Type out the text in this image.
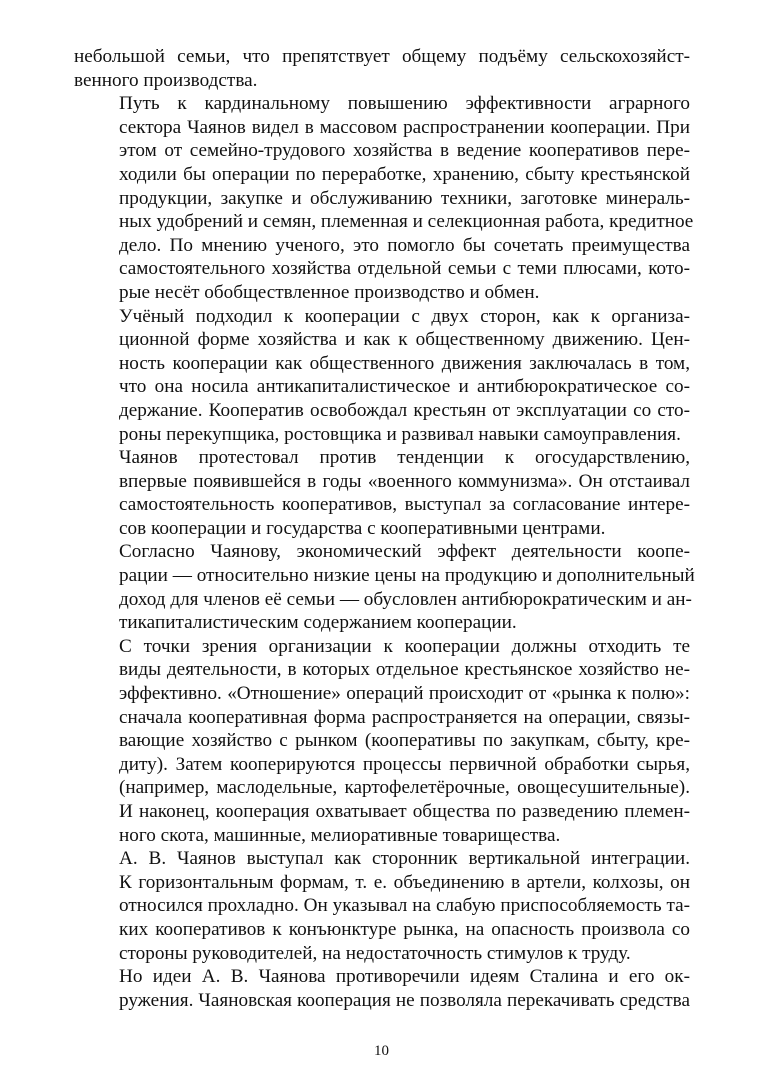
небольшой семьи, что препятствует общему подъёму сельскохозяйст-
венного производства.

Путь к кардинальному повышению эффективности аграрного
сектора Чаянов видел в массовом распространении кооперации. При
этом от семейно-трудового хозяйства в ведение кооперативов пере-
ходили бы операции по переработке, хранению, сбыту крестьянской
продукции, закупке и обслуживанию техники, заготовке минераль-
ных удобрений и семян, племенная и селекционная работа, кредитное
дело. По мнению ученого, это помогло бы сочетать преимущества
самостоятельного хозяйства отдельной семьи с теми плюсами, кото-
рые несёт обобществленное производство и обмен.

Учёный подходил к кооперации с двух сторон, как к организа-
ционной форме хозяйства и как к общественному движению. Цен-
ность кооперации как общественного движения заключалась в том,
что она носила антикапиталистическое и антибюрократическое со-
держание. Кооператив освобождал крестьян от эксплуатации со сто-
роны перекупщика, ростовщика и развивал навыки самоуправления.

Чаянов протестовал против тенденции к огосударствлению,
впервые появившейся в годы «военного коммунизма». Он отстаивал
самостоятельность кооперативов, выступал за согласование интере-
сов кооперации и государства с кооперативными центрами.

Согласно Чаянову, экономический эффект деятельности коопе-
рации — относительно низкие цены на продукцию и дополнительный
доход для членов её семьи — обусловлен антибюрократическим и ан-
тикапиталистическим содержанием кооперации.

С точки зрения организации к кооперации должны отходить те
виды деятельности, в которых отдельное крестьянское хозяйство не-
эффективно. «Отношение» операций происходит от «рынка к полю»:
сначала кооперативная форма распространяется на операции, связы-
вающие хозяйство с рынком (кооперативы по закупкам, сбыту, кре-
диту). Затем кооперируются процессы первичной обработки сырья,
(например, маслодельные, картофелетёрочные, овощесушительные).
И наконец, кооперация охватывает общества по разведению племен-
ного скота, машинные, мелиоративные товарищества.

А. В. Чаянов выступал как сторонник вертикальной интеграции.
К горизонтальным формам, т. е. объединению в артели, колхозы, он
относился прохладно. Он указывал на слабую приспособляемость та-
ких кооперативов к конъюнктуре рынка, на опасность произвола со
стороны руководителей, на недостаточность стимулов к труду.

Но идеи А. В. Чаянова противоречили идеям Сталина и его ок-
ружения. Чаяновская кооперация не позволяла перекачивать средства

10
